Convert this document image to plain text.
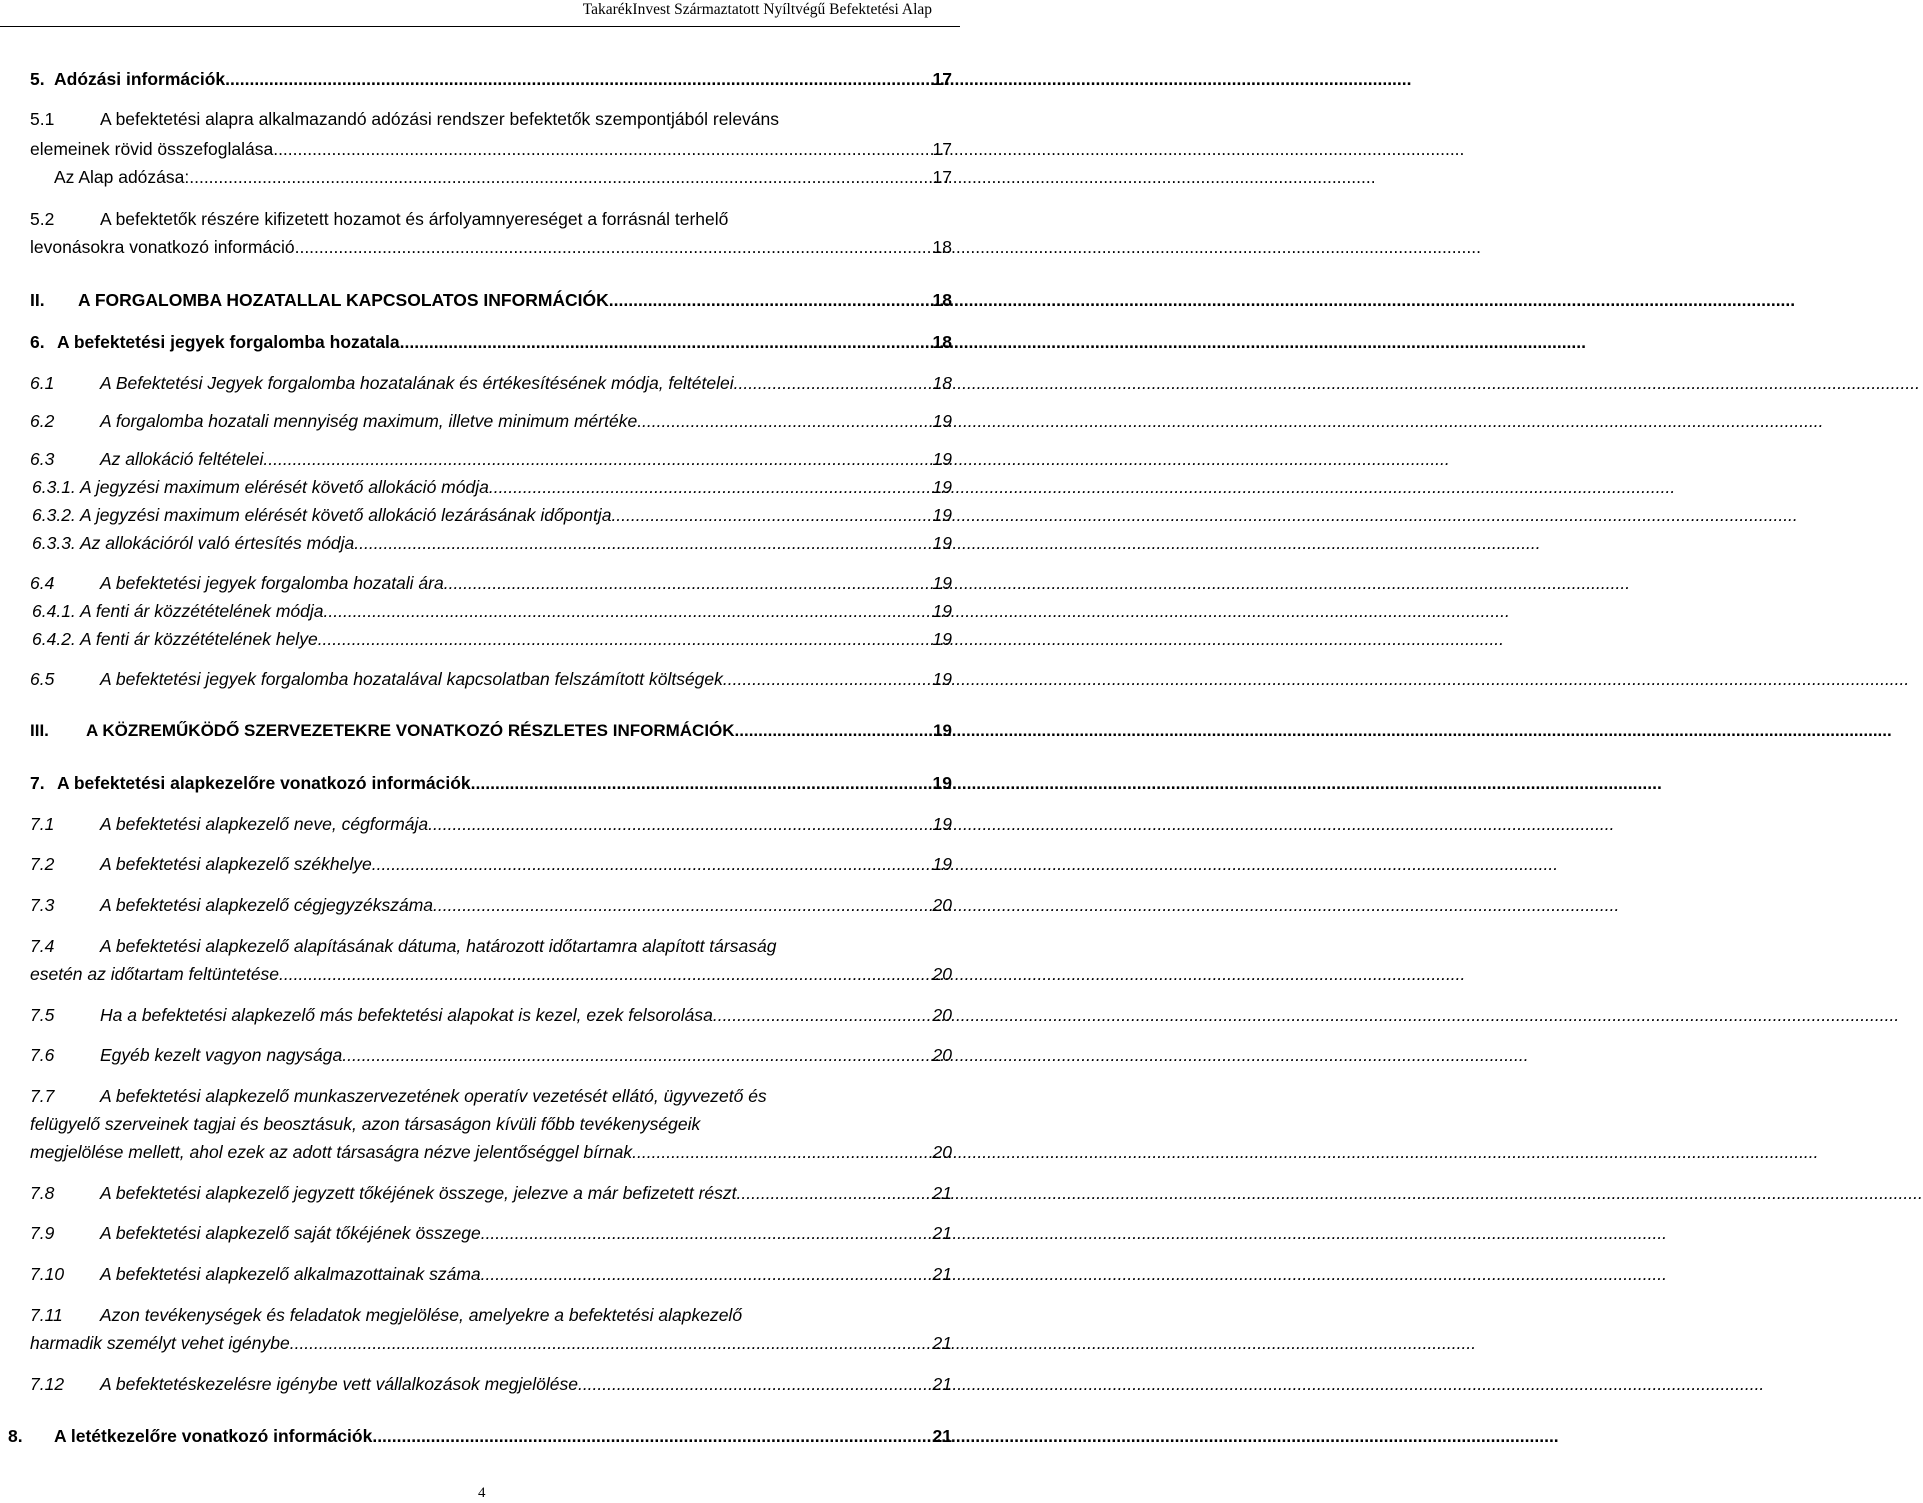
TakarékInvest Származtatott Nyíltvégű Befektetési Alap
5. Adózási információk .....	17
5.1	A befektetési alapra alkalmazandó adózási rendszer befektetők szempontjából releváns
elemeinek rövid összefoglalása. .....	17
Az Alap adózása: .....	17
5.2	A befektetők részére kifizetett hozamot és árfolyamnyereséget a forrásnál terhelő
levonásokra vonatkozó információ .....	18
II.	A FORGALOMBA HOZATALLAL KAPCSOLATOS INFORMÁCIÓK .....	18
6. A befektetési jegyek forgalomba hozatala .....	18
6.1	A Befektetési Jegyek forgalomba hozatalának és értékesítésének módja, feltételei .....	18
6.2	A forgalomba hozatali mennyiség maximum, illetve minimum mértéke .....	19
6.3	Az allokáció feltételei .....	19
6.3.1. A jegyzési maximum elérését követő allokáció módja .....	19
6.3.2. A jegyzési maximum elérését követő allokáció lezárásának időpontja .....	19
6.3.3. Az allokációról való értesítés módja .....	19
6.4	A befektetési jegyek forgalomba hozatali ára .....	19
6.4.1. A fenti ár közzétételének módja .....	19
6.4.2. A fenti ár közzétételének helye .....	19
6.5	A befektetési jegyek forgalomba hozatalával kapcsolatban felszámított költségek .....	19
III.	A KÖZREMŰKÖDŐ SZERVEZETEKRE VONATKOZÓ RÉSZLETES INFORMÁCIÓK. .....	19
7. A befektetési alapkezelőre vonatkozó információk. .....	19
7.1	A befektetési alapkezelő neve, cégformája .....	19
7.2	A befektetési alapkezelő székhelye .....	19
7.3	A befektetési alapkezelő cégjegyzékszáma .....	20
7.4	A befektetési alapkezelő alapításának dátuma, határozott időtartamra alapított társaság
esetén az időtartam feltüntetése .....	20
7.5	Ha a befektetési alapkezelő más befektetési alapokat is kezel, ezek felsorolása .....	20
7.6	Egyéb kezelt vagyon nagysága .....	20
7.7	A befektetési alapkezelő munkaszervezetének operatív vezetését ellátó, ügyvezető és
felügyelő szerveinek tagjai és beosztásuk, azon társaságon kívüli főbb tevékenységeik
megjelölése mellett, ahol ezek az adott társaságra nézve jelentőséggel bírnak .....	20
7.8	A befektetési alapkezelő jegyzett tőkéjének összege, jelezve a már befizetett részt .....	21
7.9	A befektetési alapkezelő saját tőkéjének összege .....	21
7.10	A befektetési alapkezelő alkalmazottainak száma .....	21
7.11	Azon tevékenységek és feladatok megjelölése, amelyekre a befektetési alapkezelő
harmadik személyt vehet igénybe .....	21
7.12	A befektetéskezelésre igénybe vett vállalkozások megjelölése .....	21
8.	A letétkezelőre vonatkozó információk .....	21
4
